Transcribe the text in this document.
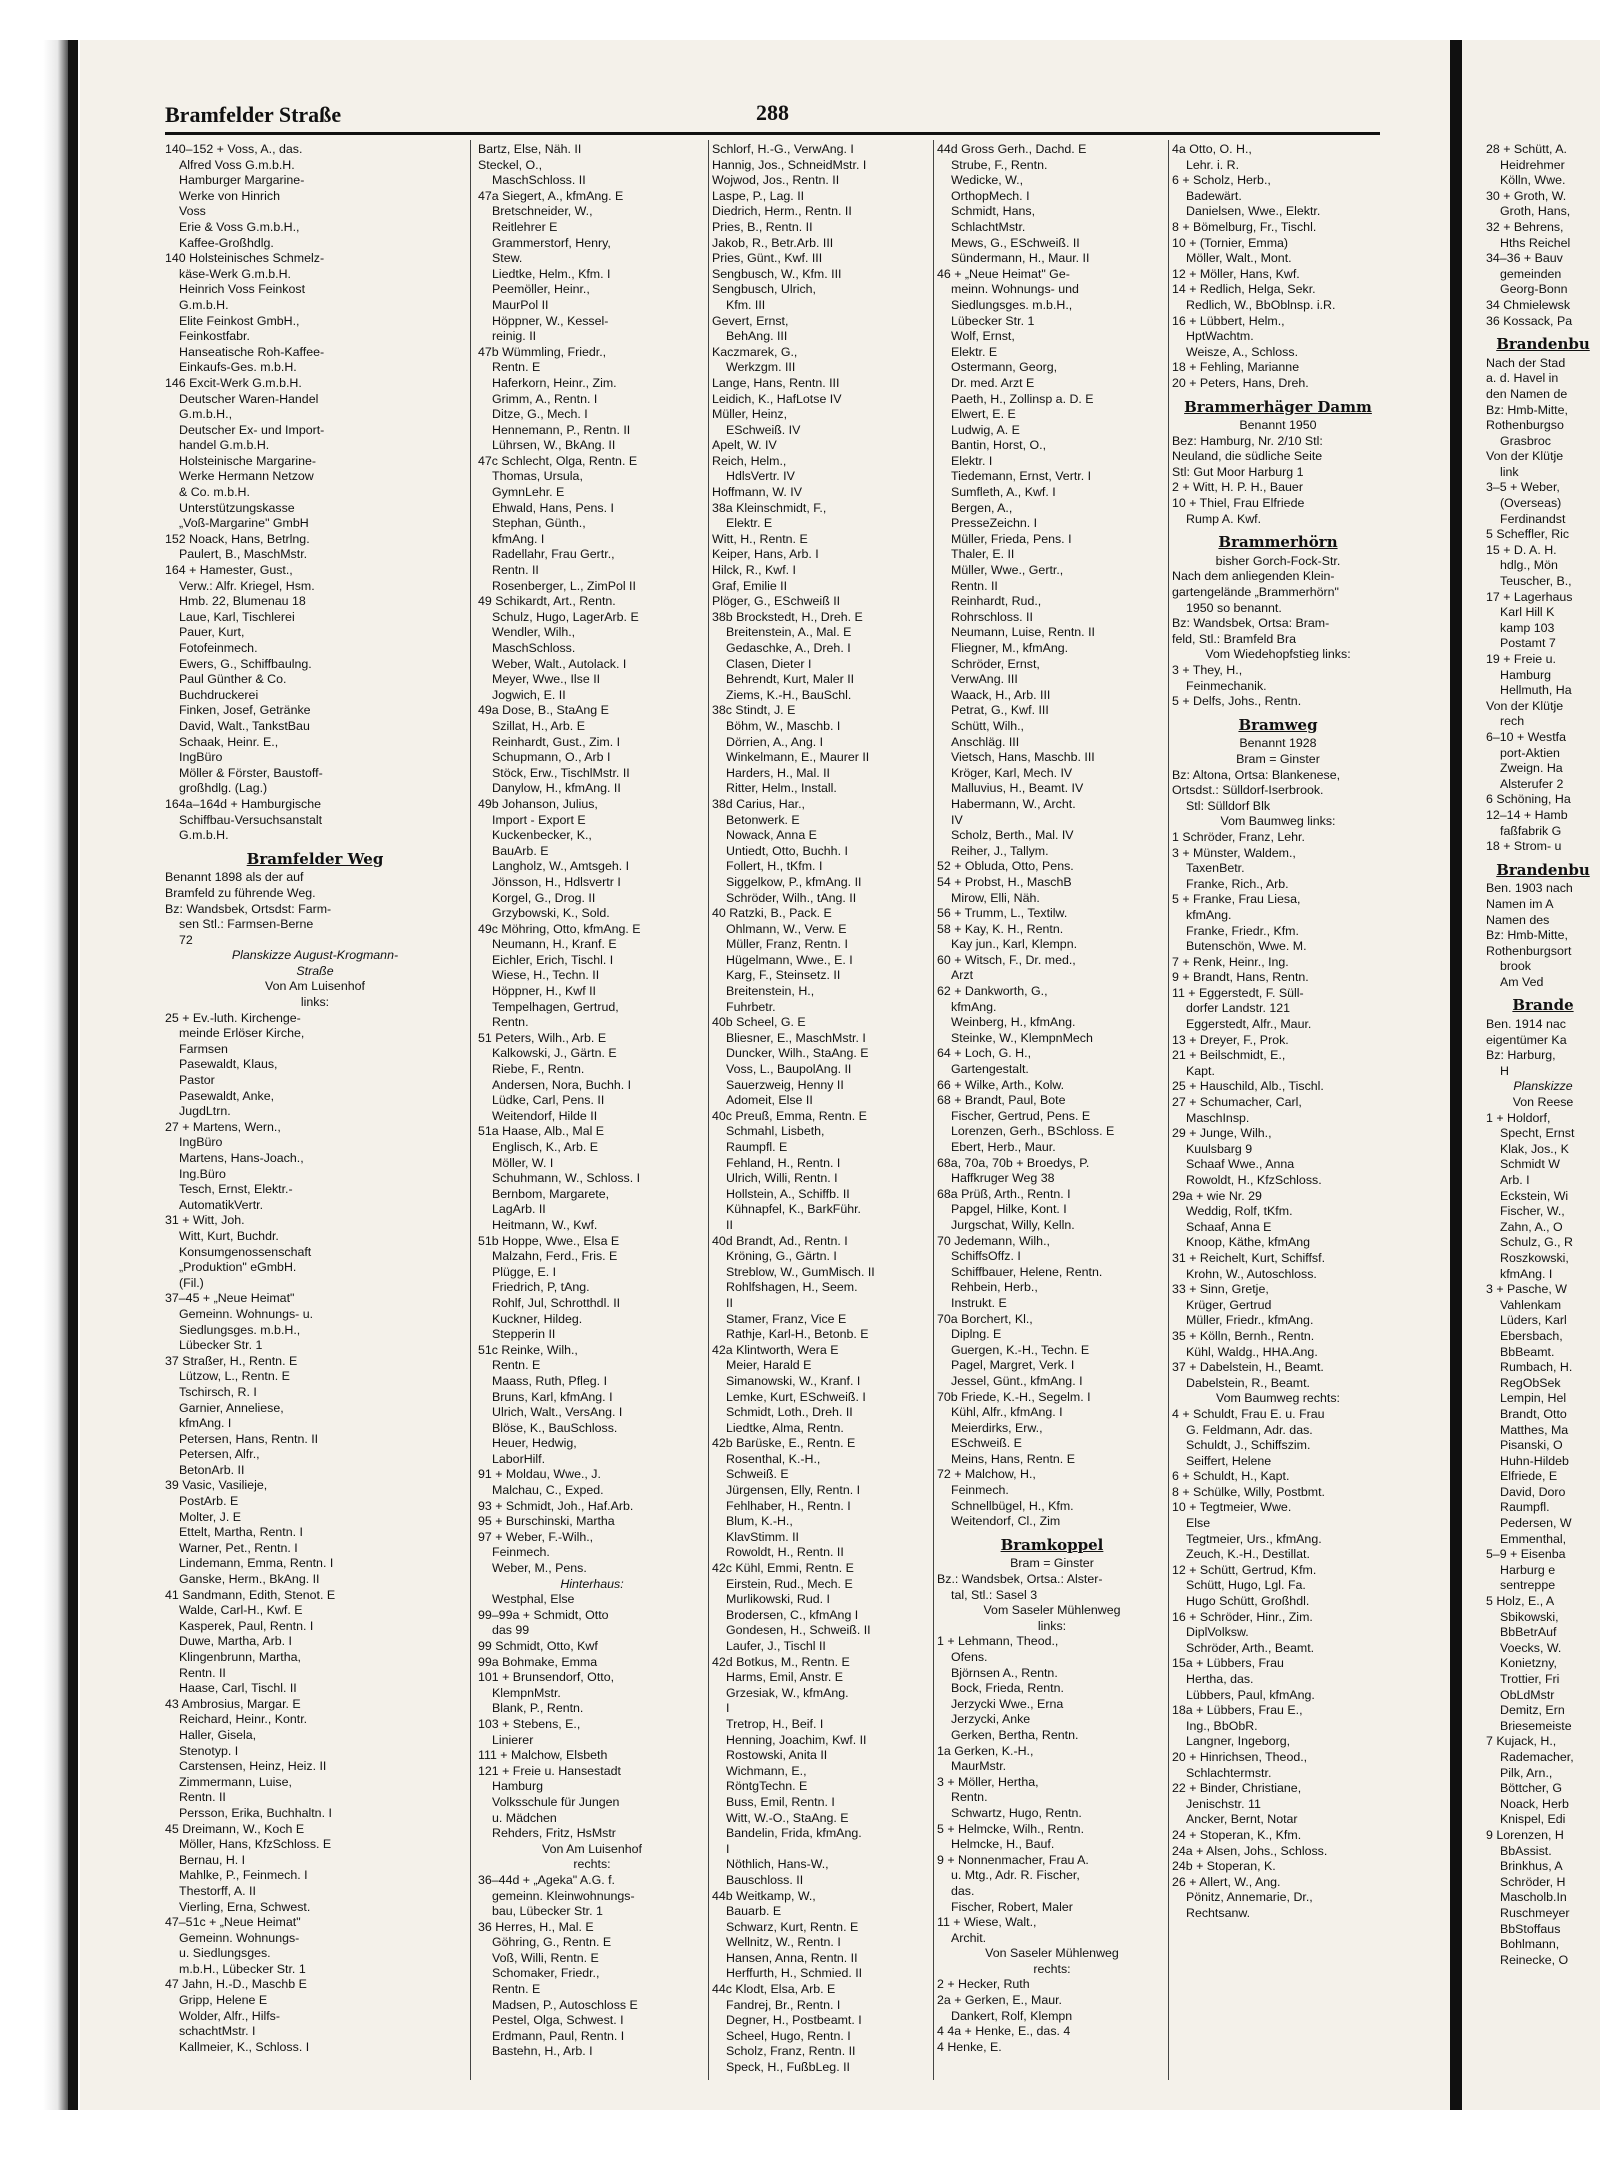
Bramfelder Straße	288

140–152 + Voss, A., das.

Alfred Voss G.m.b.H.

Hamburger Margarine-

Werke von Hinrich

Voss

Erie & Voss G.m.b.H.,

Kaffee-Großhdlg.

140 Holsteinisches Schmelz-

käse-Werk G.m.b.H.

Heinrich Voss Feinkost

G.m.b.H.

Elite Feinkost GmbH.,

Feinkostfabr.

Hanseatische Roh-Kaffee-

Einkaufs-Ges. m.b.H.

146 Excit-Werk G.m.b.H.

Deutscher Waren-Handel

G.m.b.H.,

Deutscher Ex- und Import-

handel G.m.b.H.

Holsteinische Margarine-

Werke Hermann Netzow

& Co. m.b.H.

Unterstützungskasse

„Voß-Margarine" GmbH

152 Noack, Hans, Betrlng.

Paulert, B., MaschMstr.

164 + Hamester, Gust.,

Verw.: Alfr. Kriegel, Hsm.

Hmb. 22, Blumenau 18

Laue, Karl, Tischlerei

Pauer, Kurt,

Fotofeinmech.

Ewers, G., Schiffbaulng.

Paul Günther & Co.

Buchdruckerei

Finken, Josef, Getränke

David, Walt., TankstBau

Schaak, Heinr. E.,

IngBüro

Möller & Förster, Baustoff-

großhdlg. (Lag.)

164a–164d + Hamburgische

Schiffbau-Versuchsanstalt

G.m.b.H.

Bramfelder Weg

Benannt 1898 als der auf

Bramfeld zu führende Weg.

Bz: Wandsbek, Ortsdst: Farm-

sen Stl.: Farmsen-Berne

72

Planskizze August-Krogmann-

Straße

Von Am Luisenhof

links:

25 + Ev.-luth. Kirchenge-

meinde Erlöser Kirche,

Farmsen

Pasewaldt, Klaus,

Pastor

Pasewaldt, Anke,

JugdLtrn.

27 + Martens, Wern.,

IngBüro

Martens, Hans-Joach.,

Ing.Büro

Tesch, Ernst, Elektr.-

AutomatikVertr.

31 + Witt, Joh.

Witt, Kurt, Buchdr.

Konsumgenossenschaft

„Produktion" eGmbH.

(Fil.)

37–45 + „Neue Heimat"

Gemeinn. Wohnungs- u.

Siedlungsges. m.b.H.,

Lübecker Str. 1

37 Straßer, H., Rentn. E

Lützow, L., Rentn. E

Tschirsch, R. I

Garnier, Anneliese,

kfmAng. I

Petersen, Hans, Rentn. II

Petersen, Alfr.,

BetonArb. II

39 Vasic, Vasilieje,

PostArb. E

Molter, J. E

Ettelt, Martha, Rentn. I

Warner, Pet., Rentn. I

Lindemann, Emma, Rentn. I

Ganske, Herm., BkAng. II

41 Sandmann, Edith, Stenot. E

Walde, Carl-H., Kwf. E

Kasperek, Paul, Rentn. I

Duwe, Martha, Arb. I

Klingenbrunn, Martha,

Rentn. II

Haase, Carl, Tischl. II

43 Ambrosius, Margar. E

Reichard, Heinr., Kontr.

Haller, Gisela,

Stenotyp. I

Carstensen, Heinz, Heiz. II

Zimmermann, Luise,

Rentn. II

Persson, Erika, Buchhaltn. I

45 Dreimann, W., Koch E

Möller, Hans, KfzSchloss. E

Bernau, H. I

Mahlke, P., Feinmech. I

Thestorff, A. II

Vierling, Erna, Schwest.

47–51c + „Neue Heimat"

Gemeinn. Wohnungs-

u. Siedlungsges.

m.b.H., Lübecker Str. 1

47 Jahn, H.-D., Maschb E

Gripp, Helene E

Wolder, Alfr., Hilfs-

schachtMstr. I

Kallmeier, K., Schloss. I

Bartz, Else, Näh. II

Steckel, O.,

MaschSchloss. II

47a Siegert, A., kfmAng. E

Bretschneider, W.,

Reitlehrer E

Grammerstorf, Henry,

Stew.

Liedtke, Helm., Kfm. I

Peemöller, Heinr.,

MaurPol II

Höppner, W., Kessel-

reinig. II

47b Wümmling, Friedr.,

Rentn. E

Haferkorn, Heinr., Zim.

Grimm, A., Rentn. I

Ditze, G., Mech. I

Hennemann, P., Rentn. II

Lührsen, W., BkAng. II

47c Schlecht, Olga, Rentn. E

Thomas, Ursula,

GymnLehr. E

Ehwald, Hans, Pens. I

Stephan, Günth.,

kfmAng. I

Radellahr, Frau Gertr.,

Rentn. II

Rosenberger, L., ZimPol II

49 Schikardt, Art., Rentn.

Schulz, Hugo, LagerArb. E

Wendler, Wilh.,

MaschSchloss.

Weber, Walt., Autolack. I

Meyer, Wwe., Ilse II

Jogwich, E. II

49a Dose, B., StaAng E

Szillat, H., Arb. E

Reinhardt, Gust., Zim. I

Schupmann, O., Arb I

Stöck, Erw., TischlMstr. II

Danylow, H., kfmAng. II

49b Johanson, Julius,

Import - Export E

Kuckenbecker, K.,

BauArb. E

Langholz, W., Amtsgeh. I

Jönsson, H., Hdlsvertr I

Korgel, G., Drog. II

Grzybowski, K., Sold.

49c Möhring, Otto, kfmAng. E

Neumann, H., Kranf. E

Eichler, Erich, Tischl. I

Wiese, H., Techn. II

Höppner, H., Kwf II

Tempelhagen, Gertrud,

Rentn.

51 Peters, Wilh., Arb. E

Kalkowski, J., Gärtn. E

Riebe, F., Rentn.

Andersen, Nora, Buchh. I

Lüdke, Carl, Pens. II

Weitendorf, Hilde II

51a Haase, Alb., Mal E

Englisch, K., Arb. E

Möller, W. I

Schuhmann, W., Schloss. I

Bernbom, Margarete,

LagArb. II

Heitmann, W., Kwf.

51b Hoppe, Wwe., Elsa E

Malzahn, Ferd., Fris. E

Plügge, E. I

Friedrich, P, tAng.

Rohlf, Jul, Schrotthdl. II

Kuckner, Hildeg.

Stepperin II

51c Reinke, Wilh.,

Rentn. E

Maass, Ruth, Pfleg. I

Bruns, Karl, kfmAng. I

Ulrich, Walt., VersAng. I

Blöse, K., BauSchloss.

Heuer, Hedwig,

LaborHilf.

91 + Moldau, Wwe., J.

Malchau, C., Exped.

93 + Schmidt, Joh., Haf.Arb.

95 + Burschinski, Martha

97 + Weber, F.-Wilh.,

Feinmech.

Weber, M., Pens.

Hinterhaus:

Westphal, Else

99–99a + Schmidt, Otto

das 99

99 Schmidt, Otto, Kwf

99a Bohmake, Emma

101 + Brunsendorf, Otto,

KlempnMstr.

Blank, P., Rentn.

103 + Stebens, E.,

Linierer

111 + Malchow, Elsbeth

121 + Freie u. Hansestadt

Hamburg

Volksschule für Jungen

u. Mädchen

Rehders, Fritz, HsMstr

Von Am Luisenhof

rechts:

36–44d + „Ageka" A.G. f.

gemeinn. Kleinwohnungs-

bau, Lübecker Str. 1

36 Herres, H., Mal. E

Göhring, G., Rentn. E

Voß, Willi, Rentn. E

Schomaker, Friedr.,

Rentn. E

Madsen, P., Autoschloss E

Pestel, Olga, Schwest. I

Erdmann, Paul, Rentn. I

Bastehn, H., Arb. I

Schlorf, H.-G., VerwAng. I

Hannig, Jos., SchneidMstr. I

Wojwod, Jos., Rentn. II

Laspe, P., Lag. II

Diedrich, Herm., Rentn. II

Pries, B., Rentn. II

Jakob, R., Betr.Arb. III

Pries, Günt., Kwf. III

Sengbusch, W., Kfm. III

Sengbusch, Ulrich,

Kfm. III

Gevert, Ernst,

BehAng. III

Kaczmarek, G.,

Werkzgm. III

Lange, Hans, Rentn. III

Leidich, K., HafLotse IV

Müller, Heinz,

ESchweiß. IV

Apelt, W. IV

Reich, Helm.,

HdlsVertr. IV

Hoffmann, W. IV

38a Kleinschmidt, F.,

Elektr. E

Witt, H., Rentn. E

Keiper, Hans, Arb. I

Hilck, R., Kwf. I

Graf, Emilie II

Plöger, G., ESchweiß II

38b Brockstedt, H., Dreh. E

Breitenstein, A., Mal. E

Gedaschke, A., Dreh. I

Clasen, Dieter I

Behrendt, Kurt, Maler II

Ziems, K.-H., BauSchl.

38c Stindt, J. E

Böhm, W., Maschb. I

Dörrien, A., Ang. I

Winkelmann, E., Maurer II

Harders, H., Mal. II

Ritter, Helm., Install.

38d Carius, Har.,

Betonwerk. E

Nowack, Anna E

Untiedt, Otto, Buchh. I

Follert, H., tKfm. I

Siggelkow, P., kfmAng. II

Schröder, Wilh., tAng. II

40 Ratzki, B., Pack. E

Ohlmann, W., Verw. E

Müller, Franz, Rentn. I

Hügelmann, Wwe., E. I

Karg, F., Steinsetz. II

Breitenstein, H.,

Fuhrbetr.

40b Scheel, G. E

Bliesner, E., MaschMstr. I

Duncker, Wilh., StaAng. E

Voss, L., BaupolAng. II

Sauerzweig, Henny II

Adomeit, Else II

40c Preuß, Emma, Rentn. E

Schmahl, Lisbeth,

Raumpfl. E

Fehland, H., Rentn. I

Ulrich, Willi, Rentn. I

Hollstein, A., Schiffb. II

Kühnapfel, K., BarkFühr.

II

40d Brandt, Ad., Rentn. I

Kröning, G., Gärtn. I

Streblow, W., GumMisch. II

Rohlfshagen, H., Seem.

II

Stamer, Franz, Vice E

Rathje, Karl-H., Betonb. E

42a Klintworth, Wera E

Meier, Harald E

Simanowski, W., Kranf. I

Lemke, Kurt, ESchweiß. I

Schmidt, Loth., Dreh. II

Liedtke, Alma, Rentn.

42b Barüske, E., Rentn. E

Rosenthal, K.-H.,

Schweiß. E

Jürgensen, Elly, Rentn. I

Fehlhaber, H., Rentn. I

Blum, K.-H.,

KlavStimm. II

Rowoldt, H., Rentn. II

42c Kühl, Emmi, Rentn. E

Eirstein, Rud., Mech. E

Murlikowski, Rud. I

Brodersen, C., kfmAng I

Gondesen, H., Schweiß. II

Laufer, J., Tischl II

42d Botkus, M., Rentn. E

Harms, Emil, Anstr. E

Grzesiak, W., kfmAng.

I

Tretrop, H., Beif. I

Henning, Joachim, Kwf. II

Rostowski, Anita II

Wichmann, E.,

RöntgTechn. E

Buss, Emil, Rentn. I

Witt, W.-O., StaAng. E

Bandelin, Frida, kfmAng.

I

Nöthlich, Hans-W.,

Bauschloss. II

44b Weitkamp, W.,

Bauarb. E

Schwarz, Kurt, Rentn. E

Wellnitz, W., Rentn. I

Hansen, Anna, Rentn. II

Herffurth, H., Schmied. II

44c Klodt, Elsa, Arb. E

Fandrej, Br., Rentn. I

Degner, H., Postbeamt. I

Scheel, Hugo, Rentn. I

Scholz, Franz, Rentn. II

Speck, H., FußbLeg. II

44d Gross Gerh., Dachd. E

Strube, F., Rentn.

Wedicke, W.,

OrthopMech. I

Schmidt, Hans,

SchlachtMstr.

Mews, G., ESchweiß. II

Sündermann, H., Maur. II

46 + „Neue Heimat" Ge-

meinn. Wohnungs- und

Siedlungsges. m.b.H.,

Lübecker Str. 1

Wolf, Ernst,

Elektr. E

Ostermann, Georg,

Dr. med. Arzt E

Paeth, H., Zollinsp a. D. E

Elwert, E. E

Ludwig, A. E

Bantin, Horst, O.,

Elektr. I

Tiedemann, Ernst, Vertr. I

Sumfleth, A., Kwf. I

Bergen, A.,

PresseZeichn. I

Müller, Frieda, Pens. I

Thaler, E. II

Müller, Wwe., Gertr.,

Rentn. II

Reinhardt, Rud.,

Rohrschloss. II

Neumann, Luise, Rentn. II

Fliegner, M., kfmAng.

Schröder, Ernst,

VerwAng. III

Waack, H., Arb. III

Petrat, G., Kwf. III

Schütt, Wilh.,

Anschläg. III

Vietsch, Hans, Maschb. III

Kröger, Karl, Mech. IV

Malluvius, H., Beamt. IV

Habermann, W., Archt.

IV

Scholz, Berth., Mal. IV

Reiher, J., Tallym.

52 + Obluda, Otto, Pens.

54 + Probst, H., MaschB

Mirow, Elli, Näh.

56 + Trumm, L., Textilw.

58 + Kay, K. H., Rentn.

Kay jun., Karl, Klempn.

60 + Witsch, F., Dr. med.,

Arzt

62 + Dankworth, G.,

kfmAng.

Weinberg, H., kfmAng.

Steinke, W., KlempnMech

64 + Loch, G. H.,

Gartengestalt.

66 + Wilke, Arth., Kolw.

68 + Brandt, Paul, Bote

Fischer, Gertrud, Pens. E

Lorenzen, Gerh., BSchloss. E

Ebert, Herb., Maur.

68a, 70a, 70b + Broedys, P.

Haffkruger Weg 38

68a Prüß, Arth., Rentn. I

Papgel, Hilke, Kont. I

Jurgschat, Willy, Kelln.

70 Jedemann, Wilh.,

SchiffsOffz. I

Schiffbauer, Helene, Rentn.

Rehbein, Herb.,

Instrukt. E

70a Borchert, Kl.,

Diplng. E

Guergen, K.-H., Techn. E

Pagel, Margret, Verk. I

Jessel, Günt., kfmAng. I

70b Friede, K.-H., Segelm. I

Kühl, Alfr., kfmAng. I

Meierdirks, Erw.,

ESchweiß. E

Meins, Hans, Rentn. E

72 + Malchow, H.,

Feinmech.

Schnellbügel, H., Kfm.

Weitendorf, Cl., Zim

Bramkoppel

Bram = Ginster

Bz.: Wandsbek, Ortsa.: Alster-

tal, Stl.: Sasel 3

Vom Saseler Mühlenweg

links:

1 + Lehmann, Theod.,

Ofens.

Björnsen A., Rentn.

Bock, Frieda, Rentn.

Jerzycki Wwe., Erna

Jerzycki, Anke

Gerken, Bertha, Rentn.

1a Gerken, K.-H.,

MaurMstr.

3 + Möller, Hertha,

Rentn.

Schwartz, Hugo, Rentn.

5 + Helmcke, Wilh., Rentn.

Helmcke, H., Bauf.

9 + Nonnenmacher, Frau A.

u. Mtg., Adr. R. Fischer,

das.

Fischer, Robert, Maler

11 + Wiese, Walt.,

Archit.

Von Saseler Mühlenweg

rechts:

2 + Hecker, Ruth

2a + Gerken, E., Maur.

Dankert, Rolf, Klempn

4 4a + Henke, E., das. 4

4 Henke, E.

4a Otto, O. H.,

Lehr. i. R.

6 + Scholz, Herb.,

Badewärt.

Danielsen, Wwe., Elektr.

8 + Bömelburg, Fr., Tischl.

10 + (Tornier, Emma)

Möller, Walt., Mont.

12 + Möller, Hans, Kwf.

14 + Redlich, Helga, Sekr.

Redlich, W., BbOblnsp. i.R.

16 + Lübbert, Helm.,

HptWachtm.

Weisze, A., Schloss.

18 + Fehling, Marianne

20 + Peters, Hans, Dreh.

Brammerhäger Damm

Benannt 1950

Bez: Hamburg, Nr. 2/10 Stl:

Neuland, die südliche Seite

Stl: Gut Moor Harburg 1

2 + Witt, H. P. H., Bauer

10 + Thiel, Frau Elfriede

Rump A. Kwf.

Brammerhörn

bisher Gorch-Fock-Str.

Nach dem anliegenden Klein-

gartengelände „Brammerhörn"

1950 so benannt.

Bz: Wandsbek, Ortsa: Bram-

feld, Stl.: Bramfeld Bra

Vom Wiedehopfstieg links:

3 + They, H.,

Feinmechanik.

5 + Delfs, Johs., Rentn.

Bramweg

Benannt 1928

Bram = Ginster

Bz: Altona, Ortsa: Blankenese,

Ortsdst.: Sülldorf-Iserbrook.

Stl: Sülldorf Blk

Vom Baumweg links:

1 Schröder, Franz, Lehr.

3 + Münster, Waldem.,

TaxenBetr.

Franke, Rich., Arb.

5 + Franke, Frau Liesa,

kfmAng.

Franke, Friedr., Kfm.

Butenschön, Wwe. M.

7 + Renk, Heinr., Ing.

9 + Brandt, Hans, Rentn.

11 + Eggerstedt, F. Süll-

dorfer Landstr. 121

Eggerstedt, Alfr., Maur.

13 + Dreyer, F., Prok.

21 + Beilschmidt, E.,

Kapt.

25 + Hauschild, Alb., Tischl.

27 + Schumacher, Carl,

MaschInsp.

29 + Junge, Wilh.,

Kuulsbarg 9

Schaaf Wwe., Anna

Rowoldt, H., KfzSchloss.

29a + wie Nr. 29

Weddig, Rolf, tKfm.

Schaaf, Anna E

Knoop, Käthe, kfmAng

31 + Reichelt, Kurt, Schiffsf.

Krohn, W., Autoschloss.

33 + Sinn, Gretje,

Krüger, Gertrud

Müller, Friedr., kfmAng.

35 + Kölln, Bernh., Rentn.

Kühl, Waldg., HHA.Ang.

37 + Dabelstein, H., Beamt.

Dabelstein, R., Beamt.

Vom Baumweg rechts:

4 + Schuldt, Frau E. u. Frau

G. Feldmann, Adr. das.

Schuldt, J., Schiffszim.

Seiffert, Helene

6 + Schuldt, H., Kapt.

8 + Schülke, Willy, Postbmt.

10 + Tegtmeier, Wwe.

Else

Tegtmeier, Urs., kfmAng.

Zeuch, K.-H., Destillat.

12 + Schütt, Gertrud, Kfm.

Schütt, Hugo, Lgl. Fa.

Hugo Schütt, Großhdl.

16 + Schröder, Hinr., Zim.

DiplVolksw.

Schröder, Arth., Beamt.

15a + Lübbers, Frau

Hertha, das.

Lübbers, Paul, kfmAng.

18a + Lübbers, Frau E.,

Ing., BbObR.

Langner, Ingeborg,

20 + Hinrichsen, Theod.,

Schlachtermstr.

22 + Binder, Christiane,

Jenischstr. 11

Ancker, Bernt, Notar

24 + Stoperan, K., Kfm.

24a + Alsen, Johs., Schloss.

24b + Stoperan, K.

26 + Allert, W., Ang.

Pönitz, Annemarie, Dr.,

Rechtsanw.

28 + Schütt, A.

Heidrehmer

Kölln, Wwe.

30 + Groth, W.

Groth, Hans,

32 + Behrens,

Hths Reichel

34–36 + Bauv

gemeinden

Georg-Bonn

34 Chmielewsk

36 Kossack, Pa

Brandenbu

Nach der Stad

a. d. Havel in

den Namen de

Bz: Hmb-Mitte,

Rothenburgso

Grasbroc

Von der Klütje

link

3–5 + Weber,

(Overseas)

Ferdinandst

5 Scheffler, Ric

15 + D. A. H.

hdlg., Mön

Teuscher, B.,

17 + Lagerhaus

Karl Hill K

kamp 103

Postamt 7

19 + Freie u.

Hamburg

Hellmuth, Ha

Von der Klütje

rech

6–10 + Westfa

port-Aktien

Zweign. Ha

Alsterufer 2

6 Schöning, Ha

12–14 + Hamb

faßfabrik G

18 + Strom- u

Brandenbu

Ben. 1903 nach

Namen im A

Namen des

Bz: Hmb-Mitte,

Rothenburgsort

brook

Am Ved

Brande

Ben. 1914 nac

eigentümer Ka

Bz: Harburg,

H

Planskizze

Von Reese

1 + Holdorf,

Specht, Ernst

Klak, Jos., K

Schmidt W

Arb. I

Eckstein, Wi

Fischer, W.,

Zahn, A., O

Schulz, G., R

Roszkowski,

kfmAng. I

3 + Pasche, W

Vahlenkam

Lüders, Karl

Ebersbach,

BbBeamt.

Rumbach, H.

RegObSek

Lempin, Hel

Brandt, Otto

Matthes, Ma

Pisanski, O

Huhn-Hildeb

Elfriede, E

David, Doro

Raumpfl.

Pedersen, W

Emmenthal,

5–9 + Eisenba

Harburg e

sentreppe

5 Holz, E., A

Sbikowski,

BbBetrAuf

Voecks, W.

Konietzny,

Trottier, Fri

ObLdMstr

Demitz, Ern

Briesemeiste

7 Kujack, H.,

Rademacher,

Pilk, Arn.,

Böttcher, G

Noack, Herb

Knispel, Edi

9 Lorenzen, H

BbAssist.

Brinkhus, A

Schröder, H

Mascholb.In

Ruschmeyer

BbStoffaus

Bohlmann,

Reinecke, O
